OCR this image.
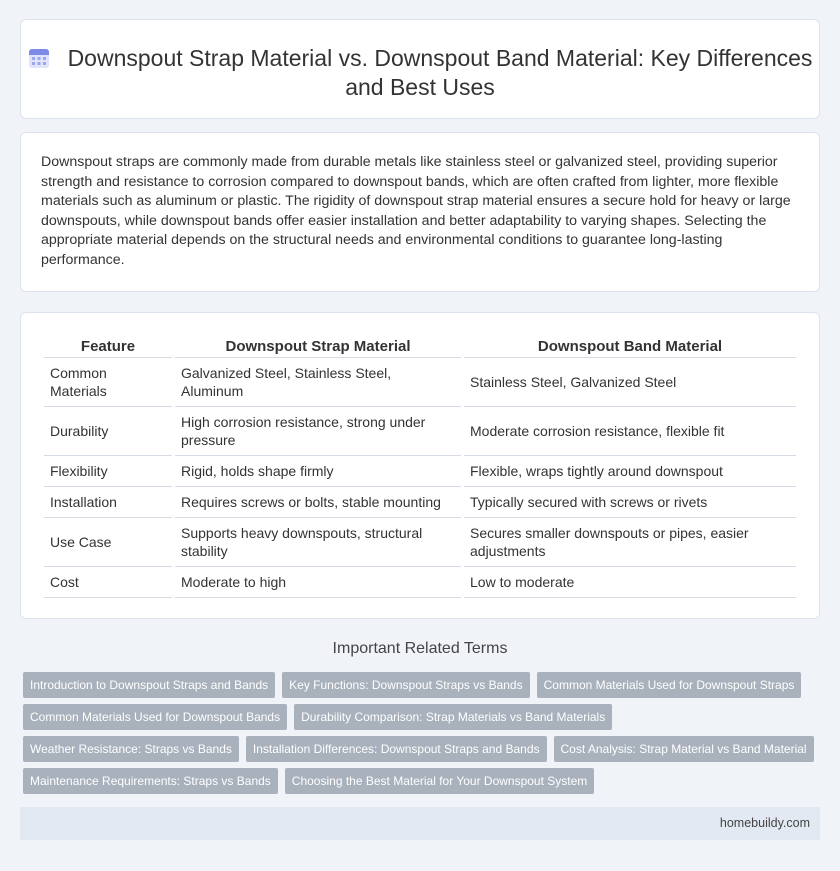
Downspout Strap Material vs. Downspout Band Material: Key Differences and Best Uses
Downspout straps are commonly made from durable metals like stainless steel or galvanized steel, providing superior strength and resistance to corrosion compared to downspout bands, which are often crafted from lighter, more flexible materials such as aluminum or plastic. The rigidity of downspout strap material ensures a secure hold for heavy or large downspouts, while downspout bands offer easier installation and better adaptability to varying shapes. Selecting the appropriate material depends on the structural needs and environmental conditions to guarantee long-lasting performance.
Feature	Downspout Strap Material	Downspout Band Material
Common Materials	Galvanized Steel, Stainless Steel, Aluminum	Stainless Steel, Galvanized Steel
Durability	High corrosion resistance, strong under pressure	Moderate corrosion resistance, flexible fit
Flexibility	Rigid, holds shape firmly	Flexible, wraps tightly around downspout
Installation	Requires screws or bolts, stable mounting	Typically secured with screws or rivets
Use Case	Supports heavy downspouts, structural stability	Secures smaller downspouts or pipes, easier adjustments
Cost	Moderate to high	Low to moderate
Important Related Terms
Introduction to Downspout Straps and Bands	Key Functions: Downspout Straps vs Bands	Common Materials Used for Downspout Straps
Common Materials Used for Downspout Bands	Durability Comparison: Strap Materials vs Band Materials
Weather Resistance: Straps vs Bands	Installation Differences: Downspout Straps and Bands	Cost Analysis: Strap Material vs Band Material
Maintenance Requirements: Straps vs Bands	Choosing the Best Material for Your Downspout System
homebuildy.com
